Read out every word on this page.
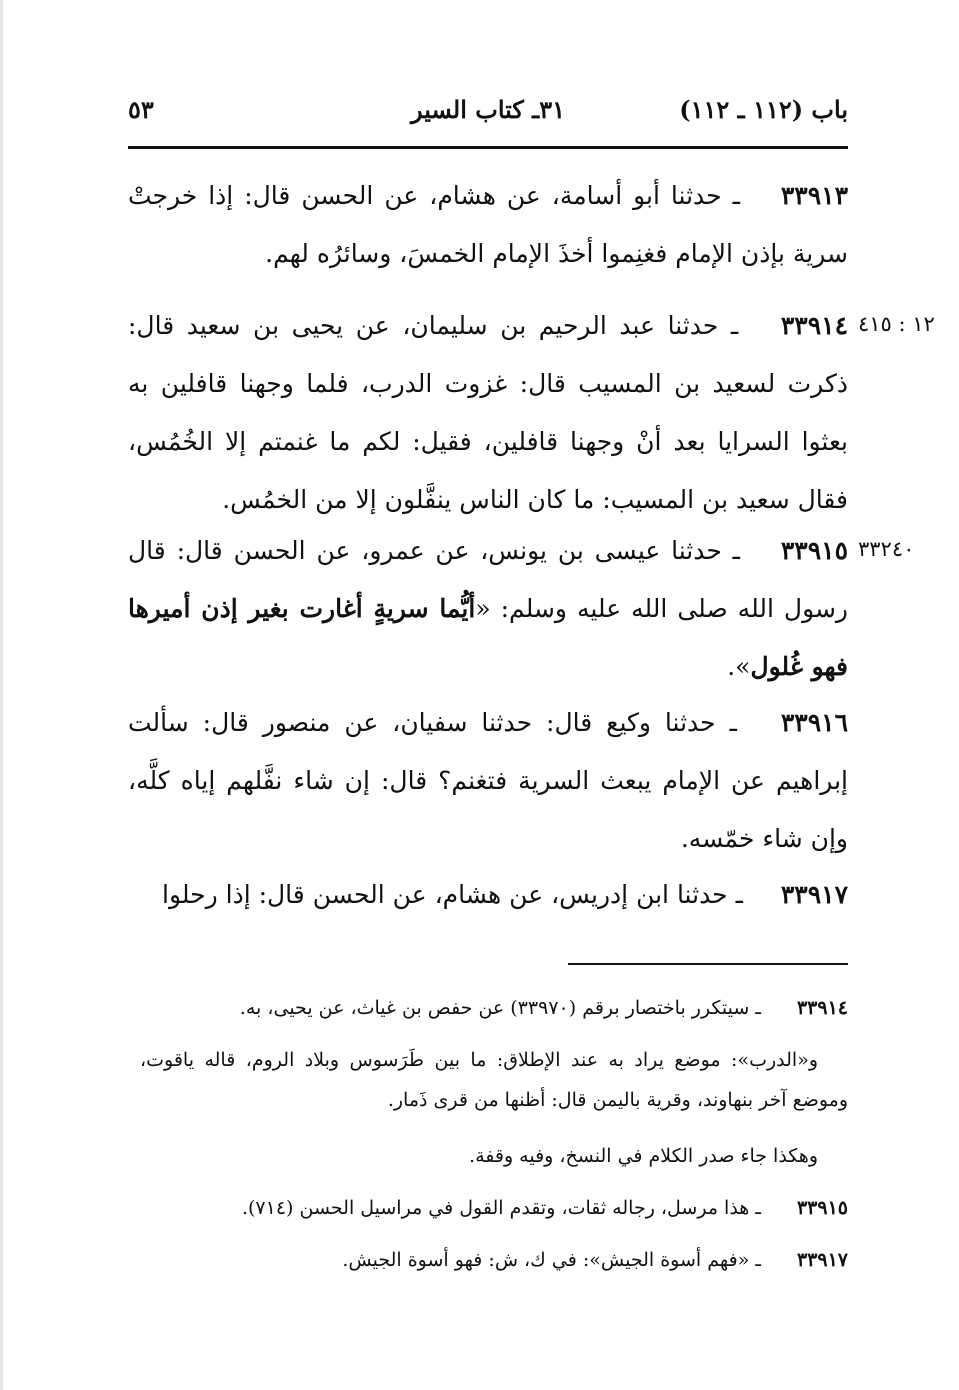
باب (١١٢ ـ ١١٢)
٣١ـ كتاب السير
٥٣
٣٣٩١٣ ـ حدثنا أبو أسامة، عن هشام، عن الحسن قال: إذا خرجتْ سرية بإذن الإمام فغنِموا أخذَ الإمام الخمسَ، وسائرُه لهم.
١٢ : ٤١٥
٣٣٩١٤ ـ حدثنا عبد الرحيم بن سليمان، عن يحيى بن سعيد قال: ذكرت لسعيد بن المسيب قال: غزوت الدرب، فلما وجهنا قافلين به بعثوا السرايا بعد أنْ وجهنا قافلين، فقيل: لكم ما غنمتم إلا الخُمُس، فقال سعيد بن المسيب: ما كان الناس ينفَّلون إلا من الخمُس.
٣٣٢٤٠
٣٣٩١٥ ـ حدثنا عيسى بن يونس، عن عمرو، عن الحسن قال: قال رسول الله صلى الله عليه وسلم: «أيُّما سريةٍ أغارت بغير إذن أميرها فهو غُلول».
٣٣٩١٦ ـ حدثنا وكيع قال: حدثنا سفيان، عن منصور قال: سألت إبراهيم عن الإمام يبعث السرية فتغنم؟ قال: إن شاء نفَّلهم إياه كلَّه، وإن شاء خمّسه.
٣٣٩١٧ ـ حدثنا ابن إدريس، عن هشام، عن الحسن قال: إذا رحلوا
٣٣٩١٤ ـ سيتكرر باختصار برقم (٣٣٩٧٠) عن حفص بن غياث، عن يحيى، به.
و«الدرب»: موضع يراد به عند الإطلاق: ما بين طَرَسوس وبلاد الروم، قاله ياقوت، وموضع آخر بنهاوند، وقرية باليمن قال: أظنها من قرى ذَمار.
وهكذا جاء صدر الكلام في النسخ، وفيه وقفة.
٣٣٩١٥ ـ هذا مرسل، رجاله ثقات، وتقدم القول في مراسيل الحسن (٧١٤).
٣٣٩١٧ ـ «فهم أسوة الجيش»: في ك، ش: فهو أسوة الجيش.
